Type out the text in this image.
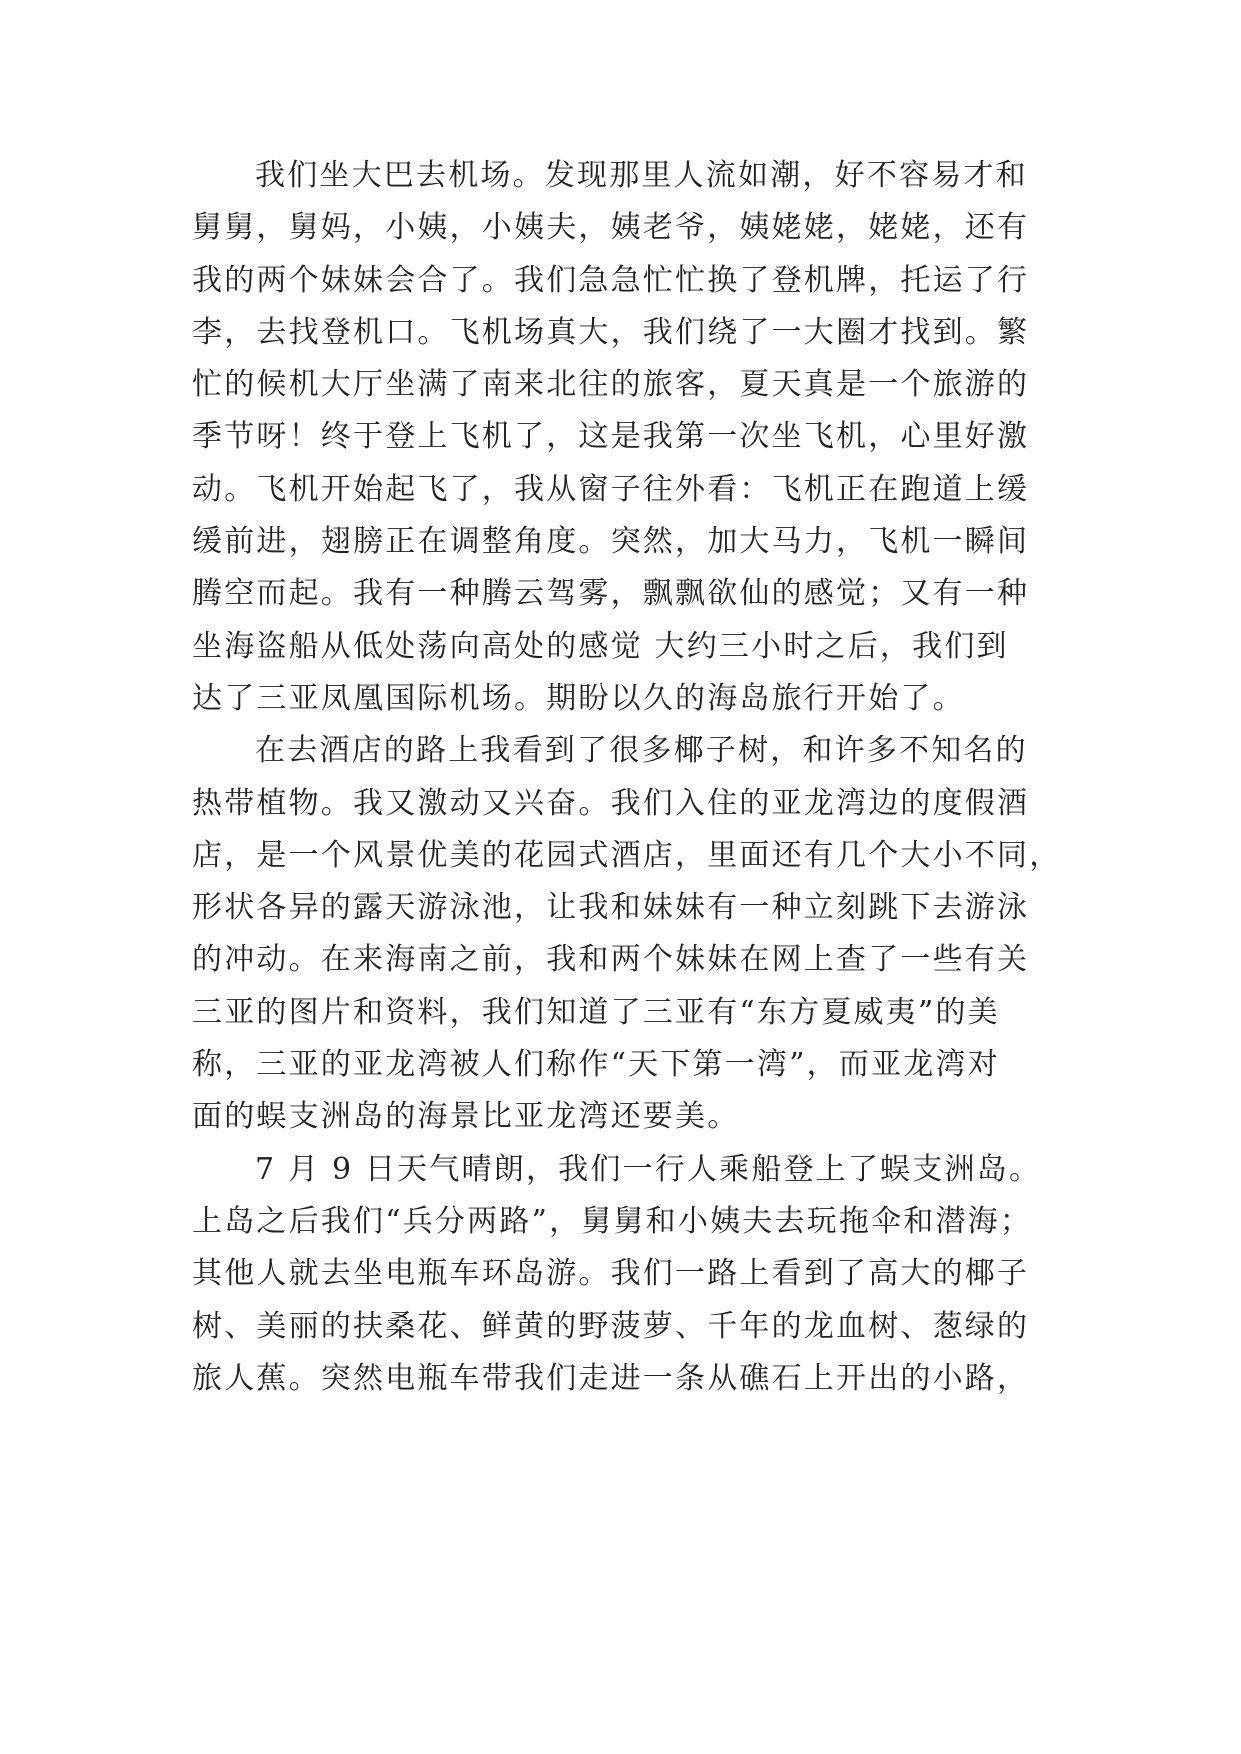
我们坐大巴去机场。发现那里人流如潮，好不容易才和
舅舅，舅妈，小姨，小姨夫，姨老爷，姨姥姥，姥姥，还有
我的两个妹妹会合了。我们急急忙忙换了登机牌，托运了行
李，去找登机口。飞机场真大，我们绕了一大圈才找到。繁
忙的候机大厅坐满了南来北往的旅客，夏天真是一个旅游的
季节呀！终于登上飞机了，这是我第一次坐飞机，心里好激
动。飞机开始起飞了，我从窗子往外看：飞机正在跑道上缓
缓前进，翅膀正在调整角度。突然，加大马力，飞机一瞬间
腾空而起。我有一种腾云驾雾，飘飘欲仙的感觉；又有一种
坐海盗船从低处荡向高处的感觉 大约三小时之后，我们到
达了三亚凤凰国际机场。期盼以久的海岛旅行开始了。
在去酒店的路上我看到了很多椰子树，和许多不知名的
热带植物。我又激动又兴奋。我们入住的亚龙湾边的度假酒
店，是一个风景优美的花园式酒店，里面还有几个大小不同，
形状各异的露天游泳池，让我和妹妹有一种立刻跳下去游泳
的冲动。在来海南之前，我和两个妹妹在网上查了一些有关
三亚的图片和资料，我们知道了三亚有“东方夏威夷”的美
称，三亚的亚龙湾被人们称作“天下第一湾”，而亚龙湾对
面的蜈支洲岛的海景比亚龙湾还要美。
7 月 9 日天气晴朗，我们一行人乘船登上了蜈支洲岛。
上岛之后我们“兵分两路”，舅舅和小姨夫去玩拖伞和潜海；
其他人就去坐电瓶车环岛游。我们一路上看到了高大的椰子
树、美丽的扶桑花、鲜黄的野菠萝、千年的龙血树、葱绿的
旅人蕉。突然电瓶车带我们走进一条从礁石上开出的小路，
